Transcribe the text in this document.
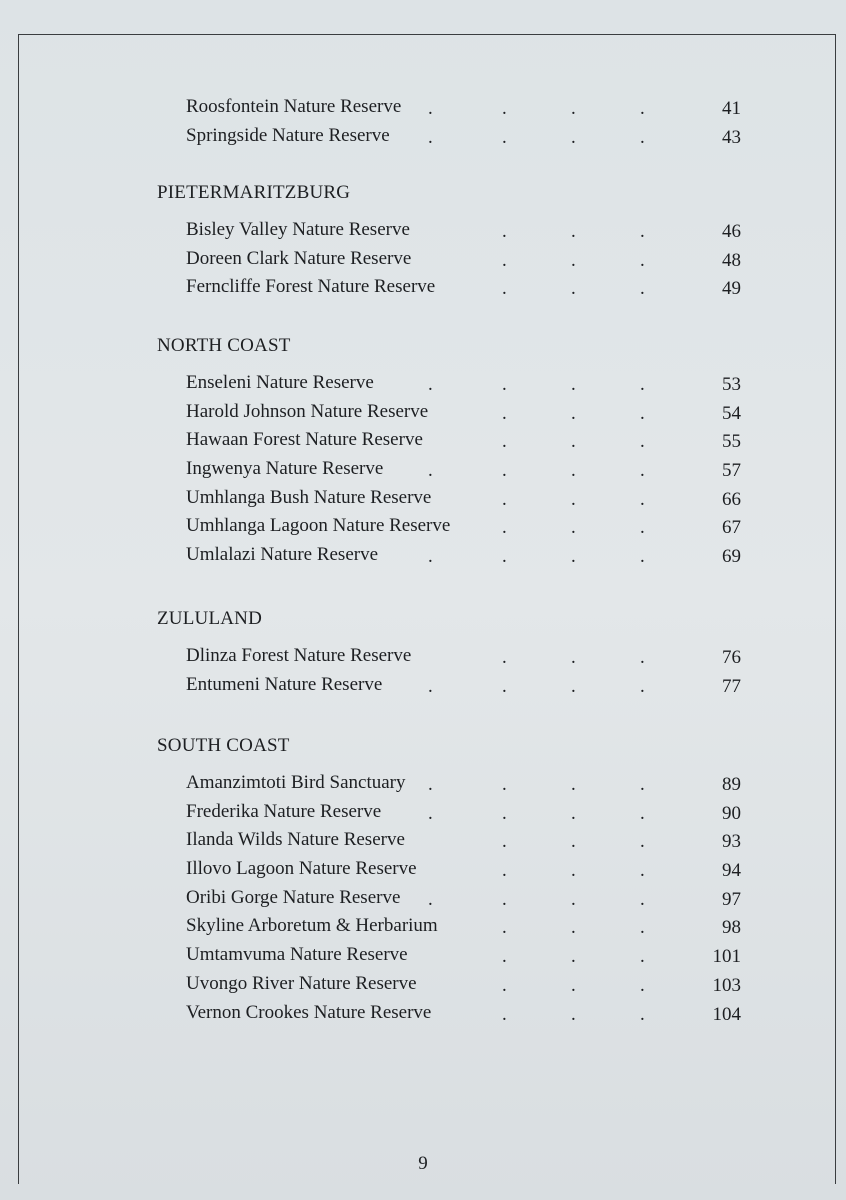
Roosfontein Nature Reserve .	.	.	.	41
Springside Nature Reserve .	.	.	.	43
PIETERMARITZBURG
Bisley Valley Nature Reserve	.	.	.	46
Doreen Clark Nature Reserve	.	.	.	48
Ferncliffe Forest Nature Reserve	.	.	.	49
NORTH COAST
Enseleni Nature Reserve	.	.	.	.	53
Harold Johnson Nature Reserve	.	.	.	54
Hawaan Forest Nature Reserve	.	.	.	55
Ingwenya Nature Reserve .	.	.	.	57
Umhlanga Bush Nature Reserve	.	.	.	66
Umhlanga Lagoon Nature Reserve	.	.	.	67
Umlalazi Nature Reserve	.	.	.	.	69
ZULULAND
Dlinza Forest Nature Reserve	.	.	.	76
Entumeni Nature Reserve .	.	.	.	77
SOUTH COAST
Amanzimtoti Bird Sanctuary .	.	.	.	89
Frederika Nature Reserve .	.	.	.	90
Ilanda Wilds Nature Reserve	.	.	.	93
Illovo Lagoon Nature Reserve	.	.	.	94
Oribi Gorge Nature Reserve .	.	.	.	97
Skyline Arboretum & Herbarium	.	.	.	98
Umtamvuma Nature Reserve	.	.	.	101
Uvongo River Nature Reserve	.	.	.	103
Vernon Crookes Nature Reserve	.	.	.	104
9
